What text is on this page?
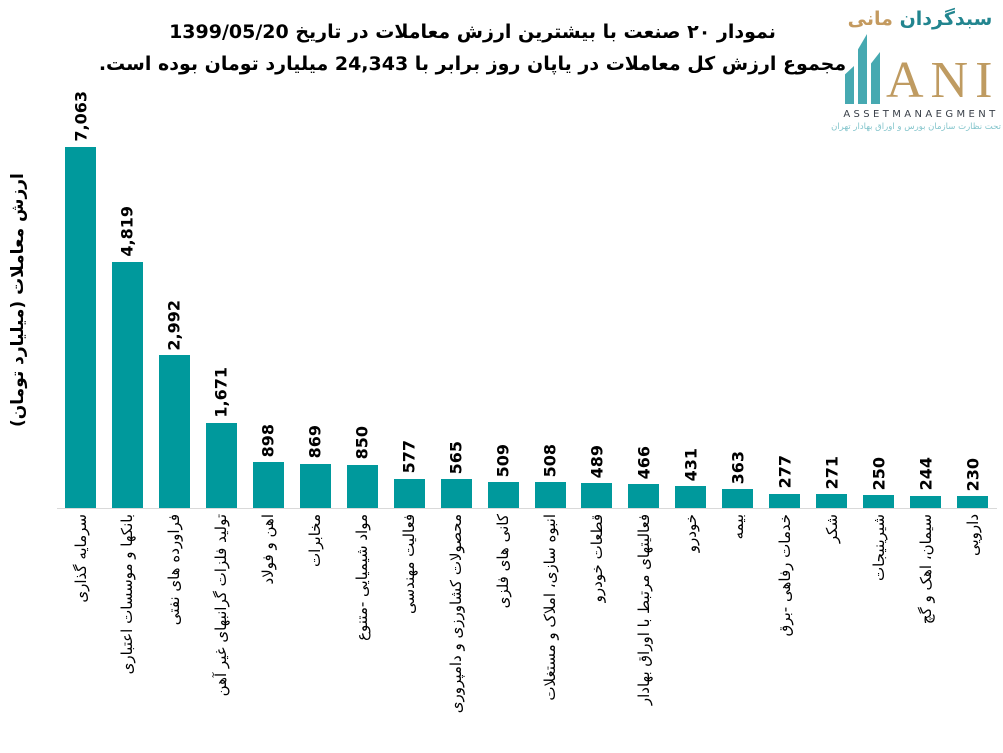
نمودار ۲۰ صنعت با بیشترین ارزش معاملات در تاریخ 1399/05/20
مجموع ارزش کل معاملات در یاپان روز برابر با 24,343 میلیارد تومان بوده است.
سبدگردان مانی
ANI
ASSETMANAEGMENT
تحت نظارت سازمان بورس و اوراق بهادار تهران
ارزش معاملات (میلیارد تومان)
7,063
4,819
2,992
1,671
898 869 850 577 565 509 508 489 466 431 363 277 271 250 244 230
سرمایه گذاری بانکها و موسسات اعتباری فراورده های نفتی تولید فلزات گرانبهای غیر آهن اهن و فولاد مخابرات مواد شیمیایی -متنوع فعالیت مهندسی محصولات کشاورزی و دامپروری کانی های فلزی انبوه سازی، املاک و مستغلات قطعات خودرو فعالیتهای مرتبط با اوراق بهادار خودرو بیمه خدمات رفاهی -برق شکر شیرینیجات سیمان، اهک و گچ دارویی
